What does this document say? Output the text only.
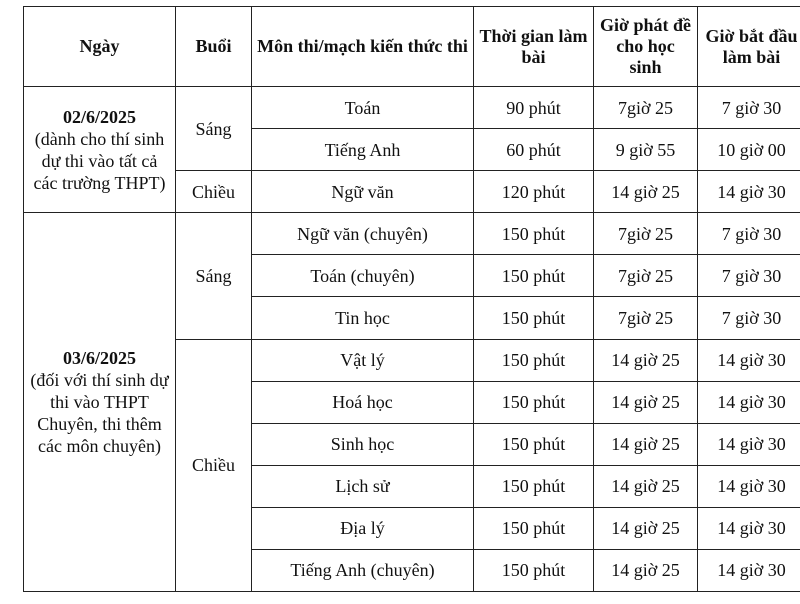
Ngày	Buổi	Môn thi/mạch kiến thức thi	Thời gian làm bài	Giờ phát đề cho học sinh	Giờ bắt đầu làm bài

02/6/2025
(dành cho thí sinh dự thi vào tất cả các trường THPT)	Sáng	Toán	90 phút	7giờ 25	7 giờ 30
		Tiếng Anh	60 phút	9 giờ 55	10 giờ 00
	Chiều	Ngữ văn	120 phút	14 giờ 25	14 giờ 30

03/6/2025
(đối với thí sinh dự thi vào THPT Chuyên, thi thêm các môn chuyên)	Sáng	Ngữ văn (chuyên)	150 phút	7giờ 25	7 giờ 30
		Toán (chuyên)	150 phút	7giờ 25	7 giờ 30
		Tin học	150 phút	7giờ 25	7 giờ 30
	Chiều	Vật lý	150 phút	14 giờ 25	14 giờ 30
		Hoá học	150 phút	14 giờ 25	14 giờ 30
		Sinh học	150 phút	14 giờ 25	14 giờ 30
		Lịch sử	150 phút	14 giờ 25	14 giờ 30
		Địa lý	150 phút	14 giờ 25	14 giờ 30
		Tiếng Anh (chuyên)	150 phút	14 giờ 25	14 giờ 30
